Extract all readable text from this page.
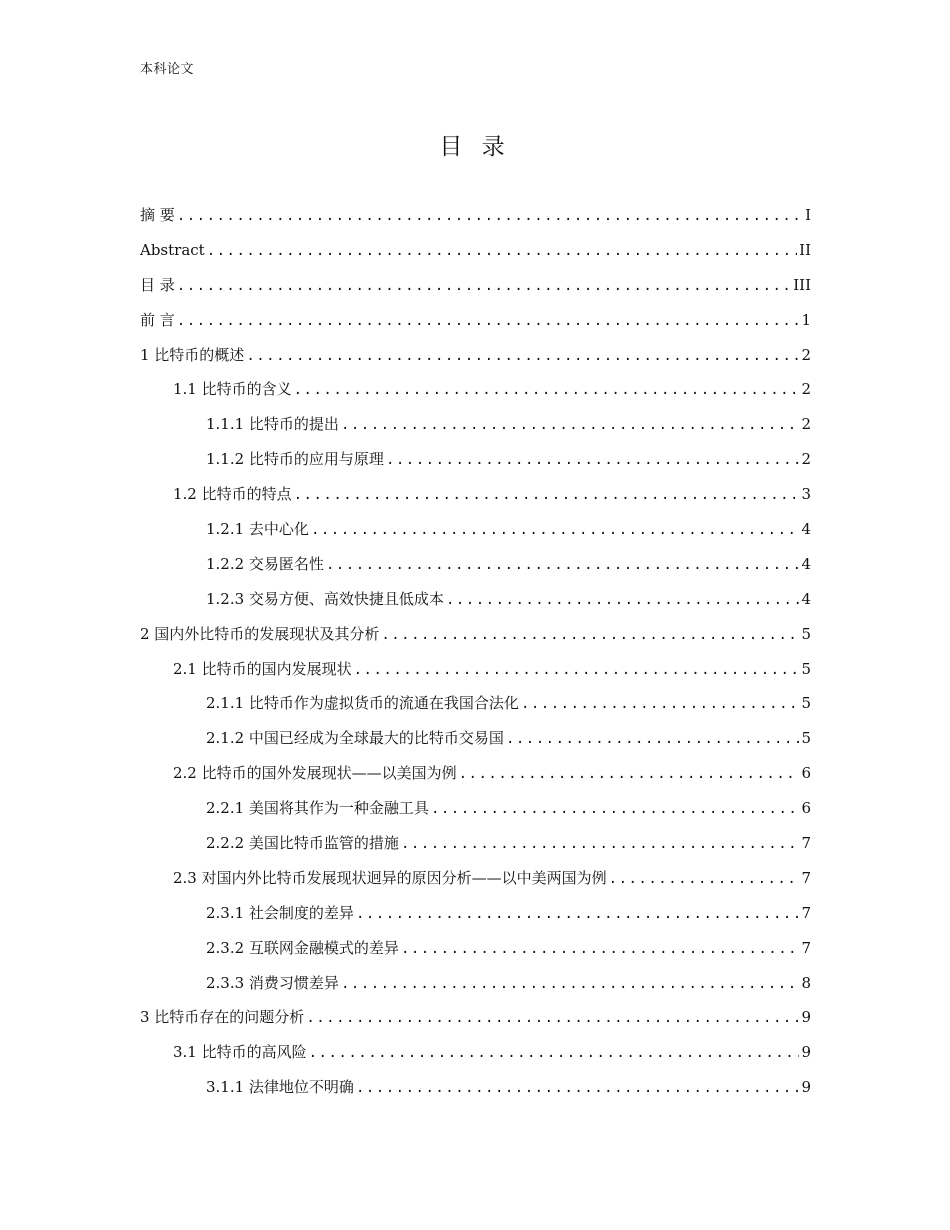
本科论文
目 录
摘 要 .....	I
Abstract .....	II
目 录 .....	III
前 言 .....	1
1 比特币的概述 .....	2
1.1 比特币的含义 .....	2
1.1.1 比特币的提出 .....	2
1.1.2 比特币的应用与原理 .....	2
1.2 比特币的特点 .....	3
1.2.1 去中心化 .....	4
1.2.2 交易匿名性 .....	4
1.2.3 交易方便、高效快捷且低成本 .....	4
2 国内外比特币的发展现状及其分析 .....	5
2.1 比特币的国内发展现状 .....	5
2.1.1 比特币作为虚拟货币的流通在我国合法化 .....	5
2.1.2 中国已经成为全球最大的比特币交易国 .....	5
2.2 比特币的国外发展现状——以美国为例 .....	6
2.2.1 美国将其作为一种金融工具 .....	6
2.2.2 美国比特币监管的措施 .....	7
2.3 对国内外比特币发展现状迥异的原因分析——以中美两国为例 .....	7
2.3.1 社会制度的差异 .....	7
2.3.2 互联网金融模式的差异 .....	7
2.3.3 消费习惯差异 .....	8
3 比特币存在的问题分析 .....	9
3.1 比特币的高风险 .....	9
3.1.1 法律地位不明确 .....	9
